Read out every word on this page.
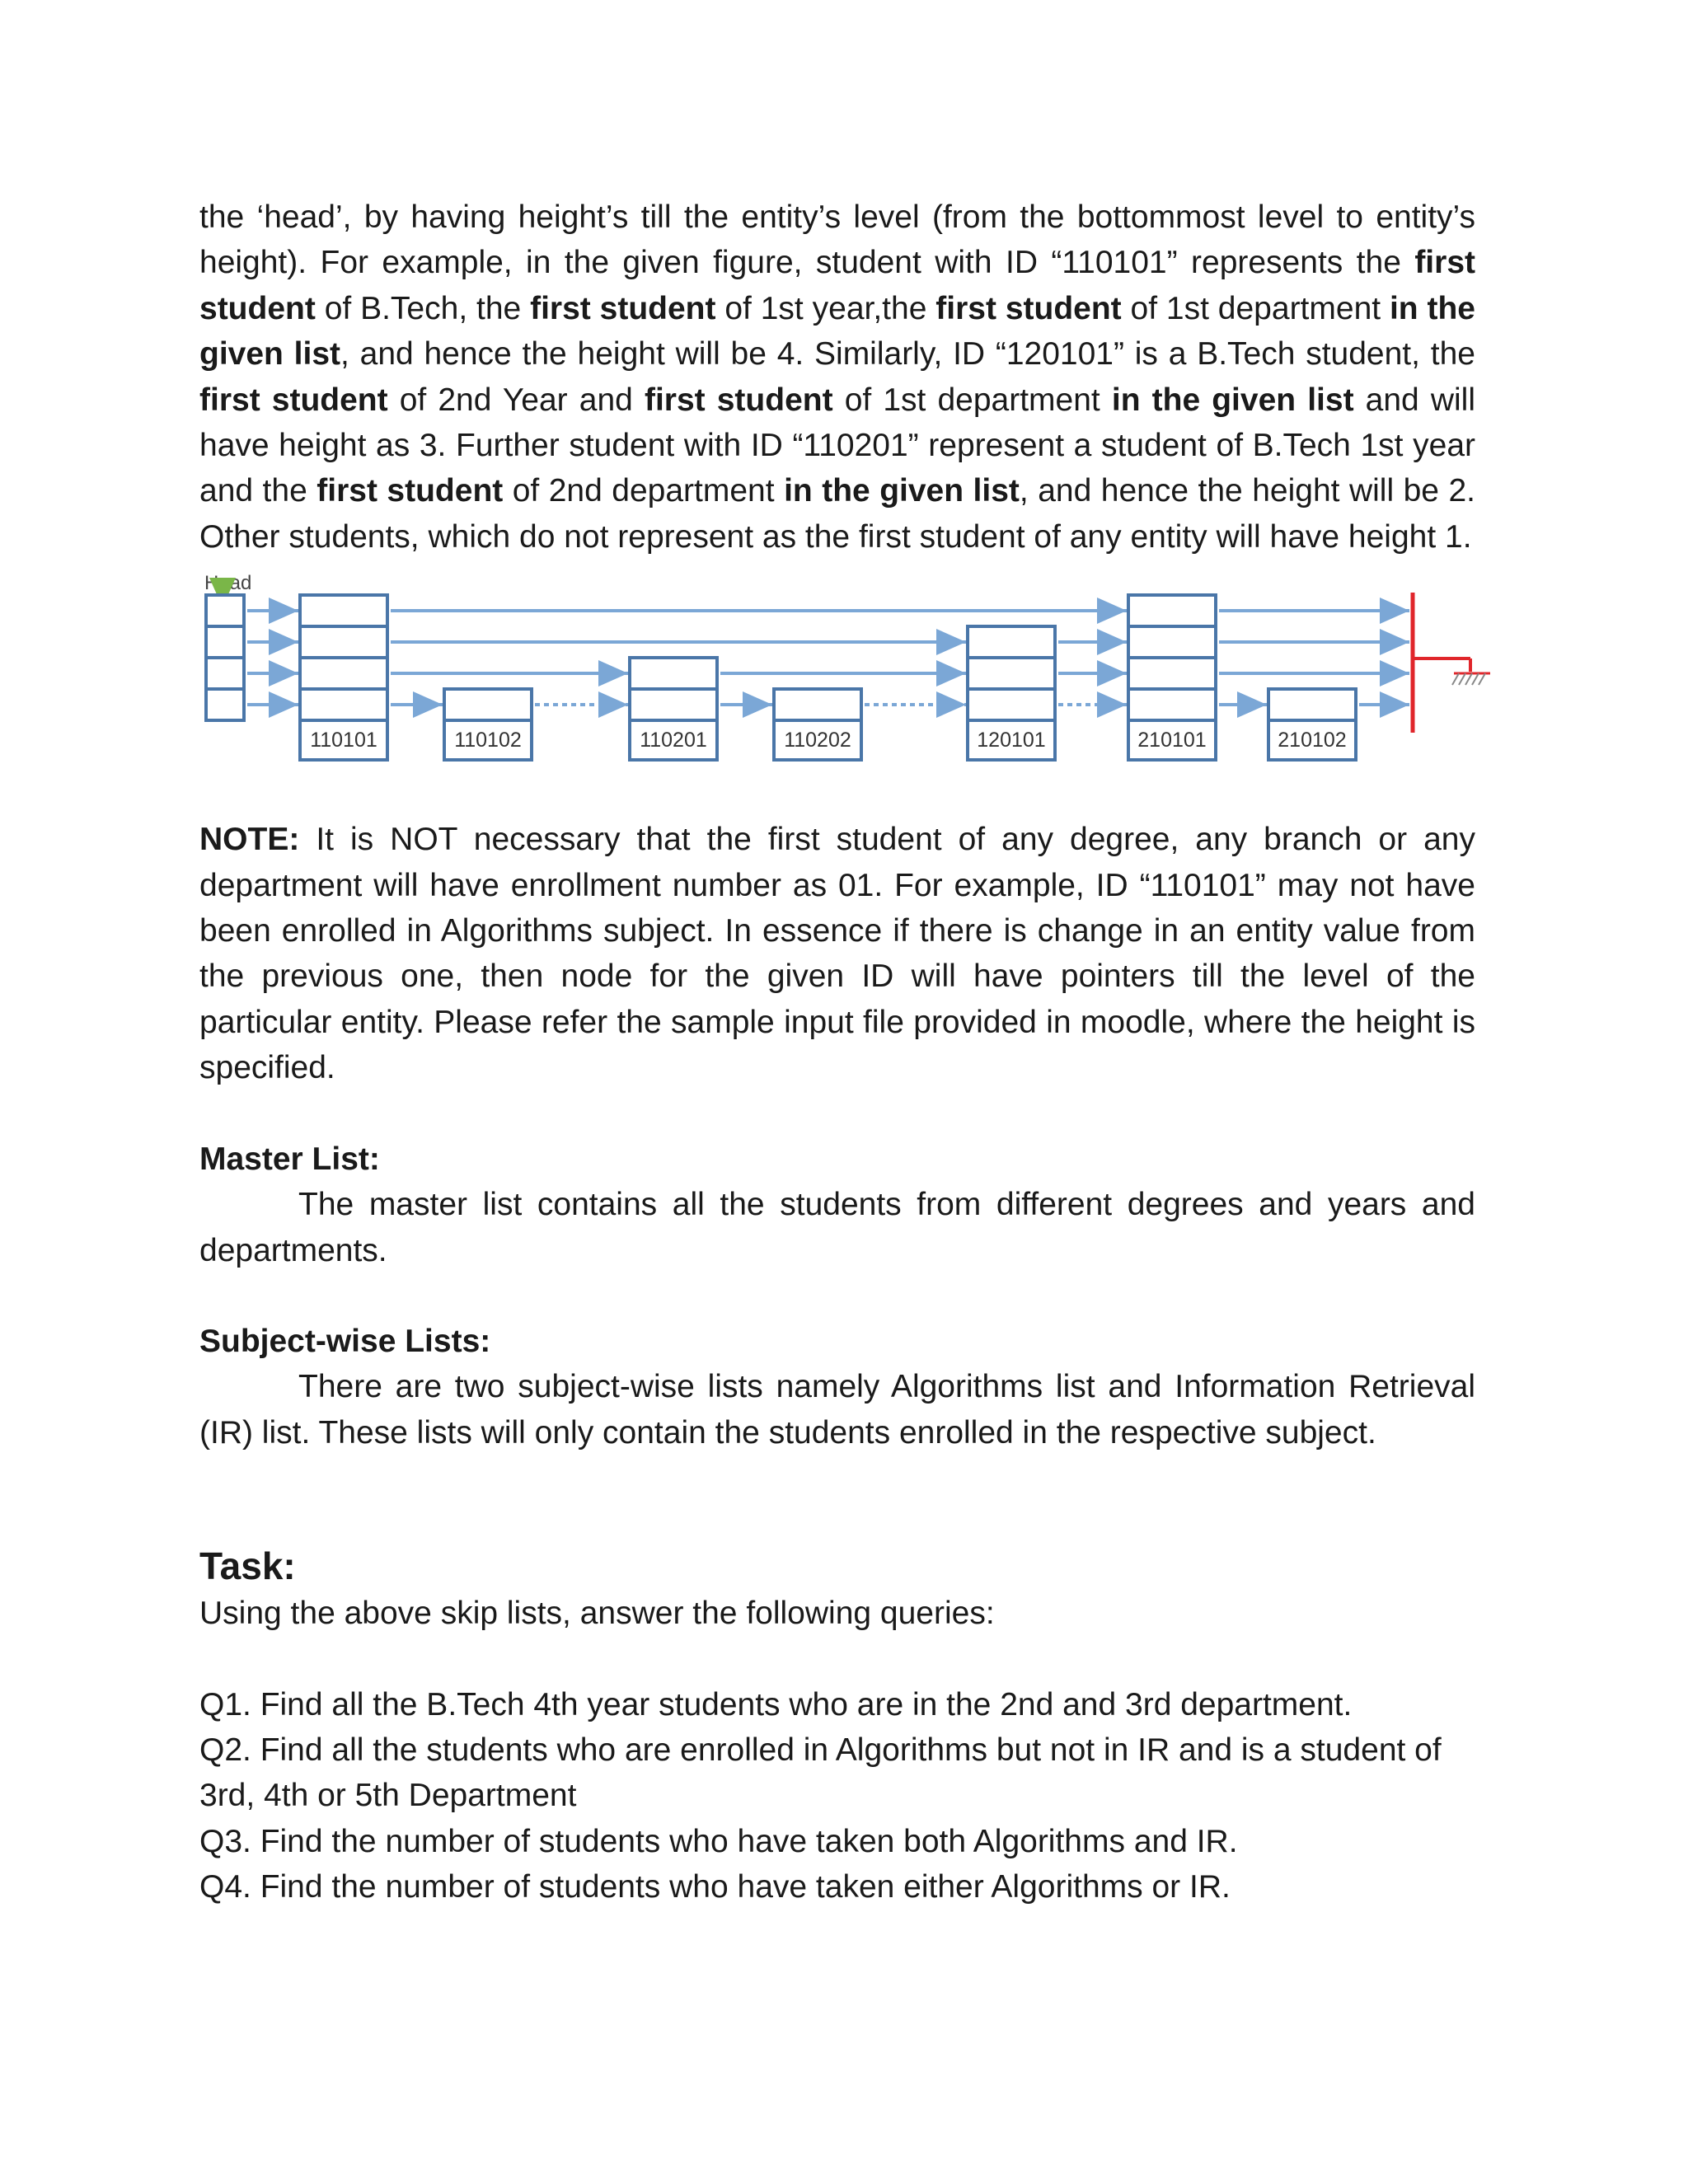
the ‘head’, by having height’s till the entity’s level (from the bottommost level to entity’s height). For example, in the given figure, student with ID “110101” represents the first student of B.Tech, the first student of 1st year,the first student of 1st department in the given list, and hence the height will be 4. Similarly, ID “120101” is a B.Tech student, the first student of 2nd Year and first student of 1st department in the given list and will have height as 3. Further student with ID “110201” represent a student of B.Tech 1st year and the first student of 2nd department in the given list, and hence the height will be 2. Other students, which do not represent as the first student of any entity will have height 1.

Head
110101	110102	110201	110202	120101	210101	210102

NOTE: It is NOT necessary that the first student of any degree, any branch or any department will have enrollment number as 01. For example, ID “110101” may not have been enrolled in Algorithms subject. In essence if there is change in an entity value from the previous one, then node for the given ID will have pointers till the level of the particular entity. Please refer the sample input file provided in moodle, where the height is specified.

Master List:

The master list contains all the students from different degrees and years and departments.

Subject-wise Lists:

There are two subject-wise lists namely Algorithms list and Information Retrieval (IR) list. These lists will only contain the students enrolled in the respective subject.

Task:

Using the above skip lists, answer the following queries:

Q1. Find all the B.Tech 4th year students who are in the 2nd and 3rd department.

Q2. Find all the students who are enrolled in Algorithms but not in IR and is a student of 3rd, 4th or 5th Department

Q3. Find the number of students who have taken both Algorithms and IR.

Q4. Find the number of students who have taken either Algorithms or IR.
